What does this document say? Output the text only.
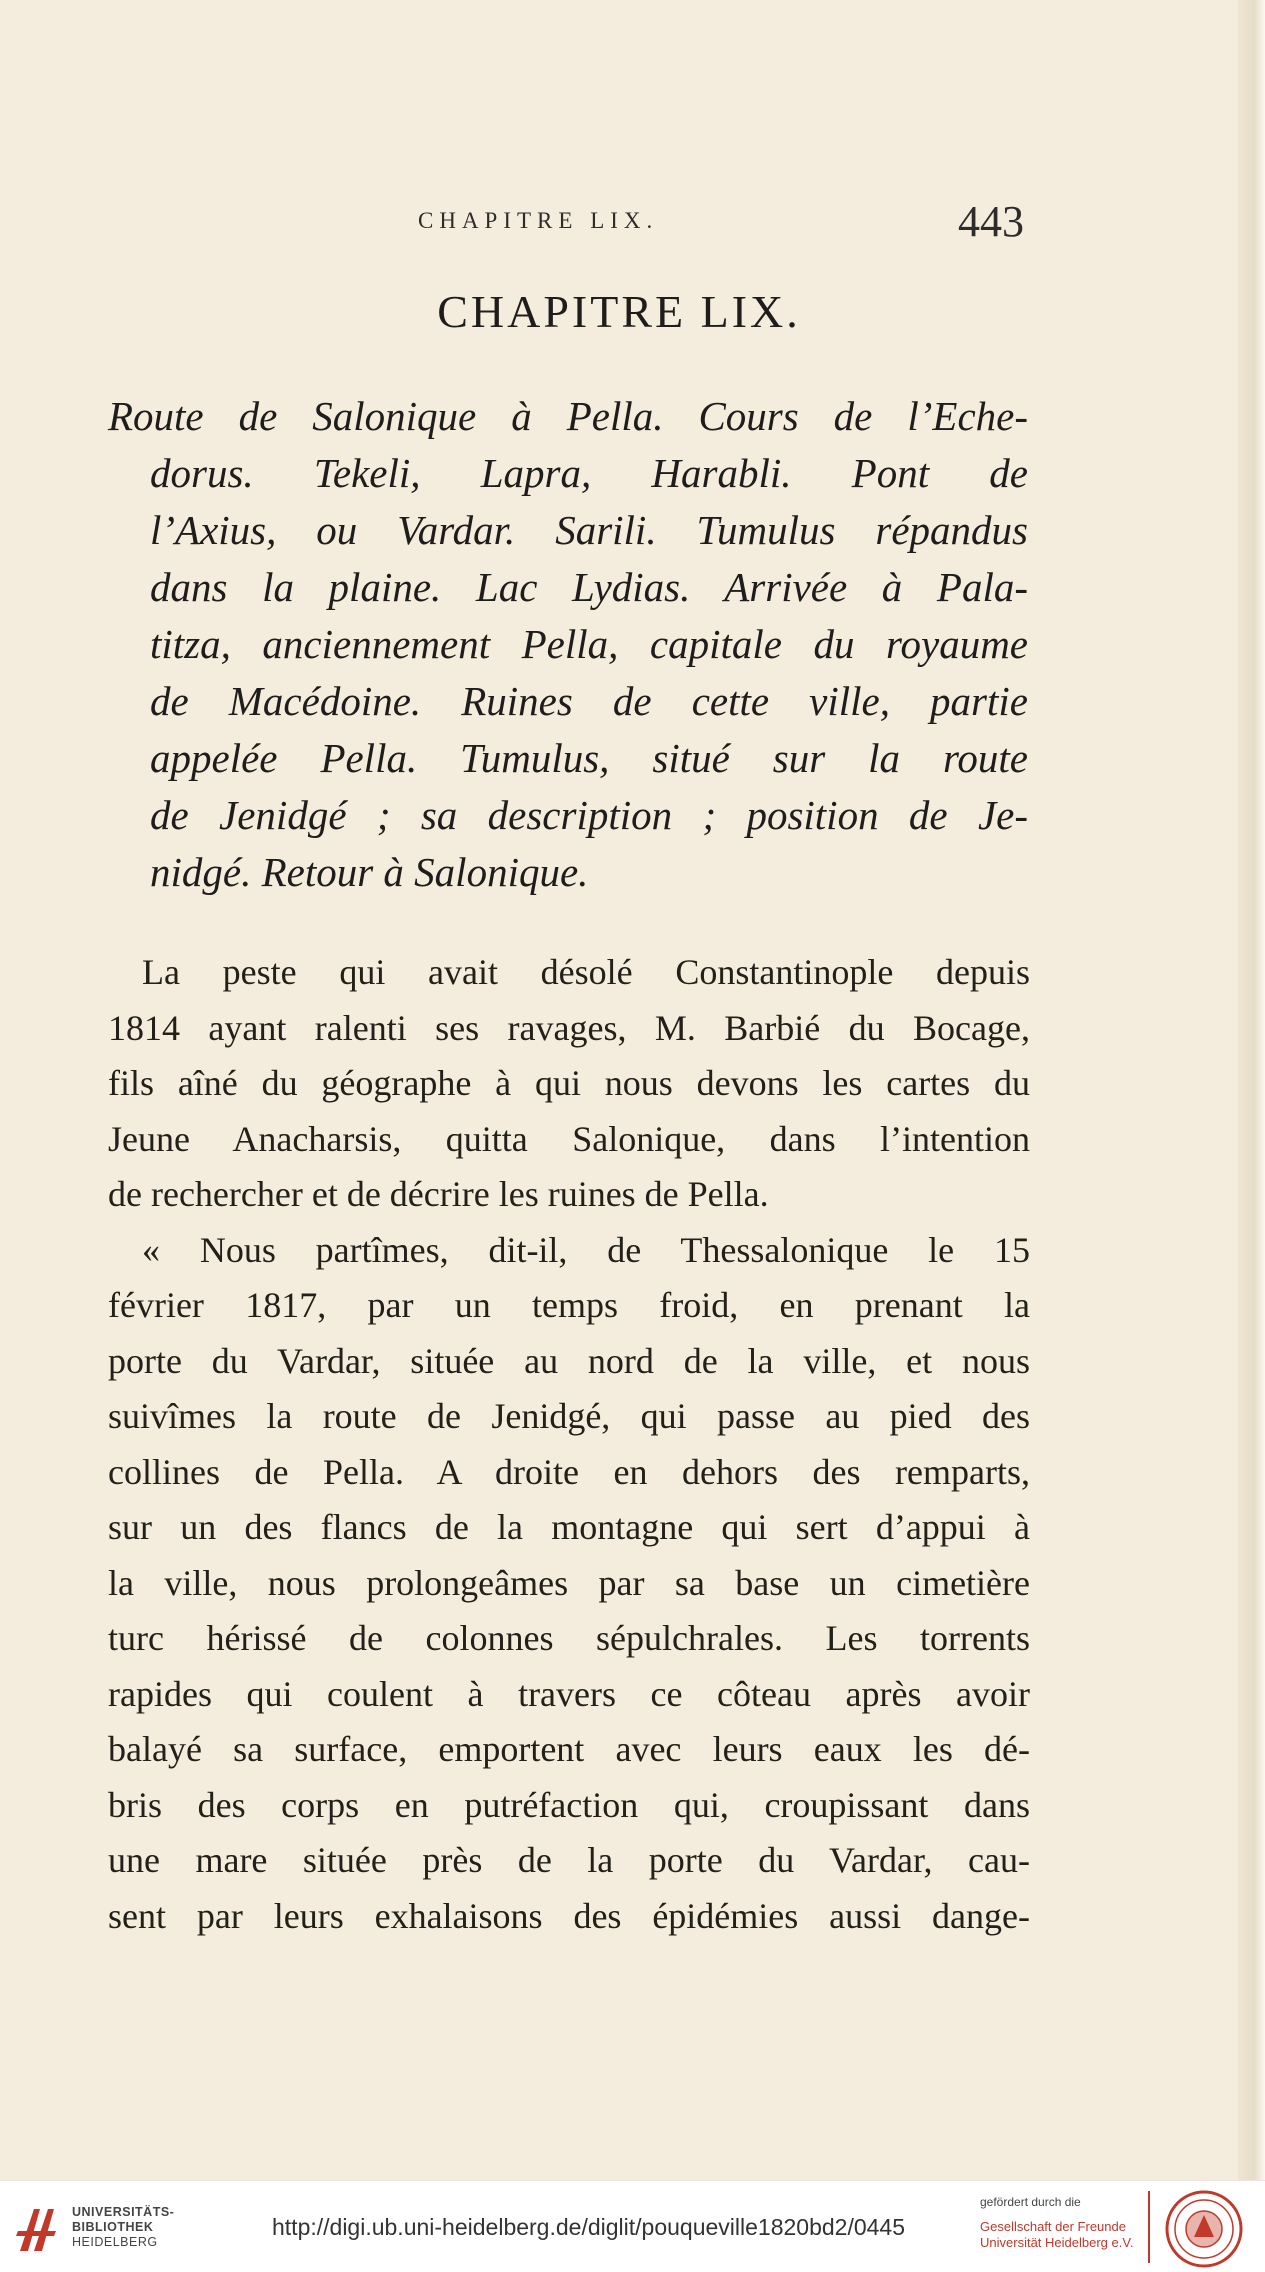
CHAPITRE LIX.	443
CHAPITRE LIX.
Route de Salonique à Pella. Cours de l’Eche-
dorus. Tekeli, Lapra, Harabli. Pont de
l’Axius, ou Vardar. Sarili. Tumulus répandus
dans la plaine. Lac Lydias. Arrivée à Pala-
titza, anciennement Pella, capitale du royaume
de Macédoine. Ruines de cette ville, partie
appelée Pella. Tumulus, situé sur la route
de Jenidgé ; sa description ; position de Je-
nidgé. Retour à Salonique.
La peste qui avait désolé Constantinople depuis
1814 ayant ralenti ses ravages, M. Barbié du Bocage,
fils aîné du géographe à qui nous devons les cartes du
Jeune Anacharsis, quitta Salonique, dans l’intention
de rechercher et de décrire les ruines de Pella.
« Nous partîmes, dit-il, de Thessalonique le 15
février 1817, par un temps froid, en prenant la
porte du Vardar, située au nord de la ville, et nous
suivîmes la route de Jenidgé, qui passe au pied des
collines de Pella. A droite en dehors des remparts,
sur un des flancs de la montagne qui sert d’appui à
la ville, nous prolongeâmes par sa base un cimetière
turc hérissé de colonnes sépulchrales. Les torrents
rapides qui coulent à travers ce côteau après avoir
balayé sa surface, emportent avec leurs eaux les dé-
bris des corps en putréfaction qui, croupissant dans
une mare située près de la porte du Vardar, cau-
sent par leurs exhalaisons des épidémies aussi dange-
UNIVERSITÄTS-
BIBLIOTHEK
HEIDELBERG
http://digi.ub.uni-heidelberg.de/diglit/pouqueville1820bd2/0445
gefördert durch die
Gesellschaft der Freunde
Universität Heidelberg e.V.
